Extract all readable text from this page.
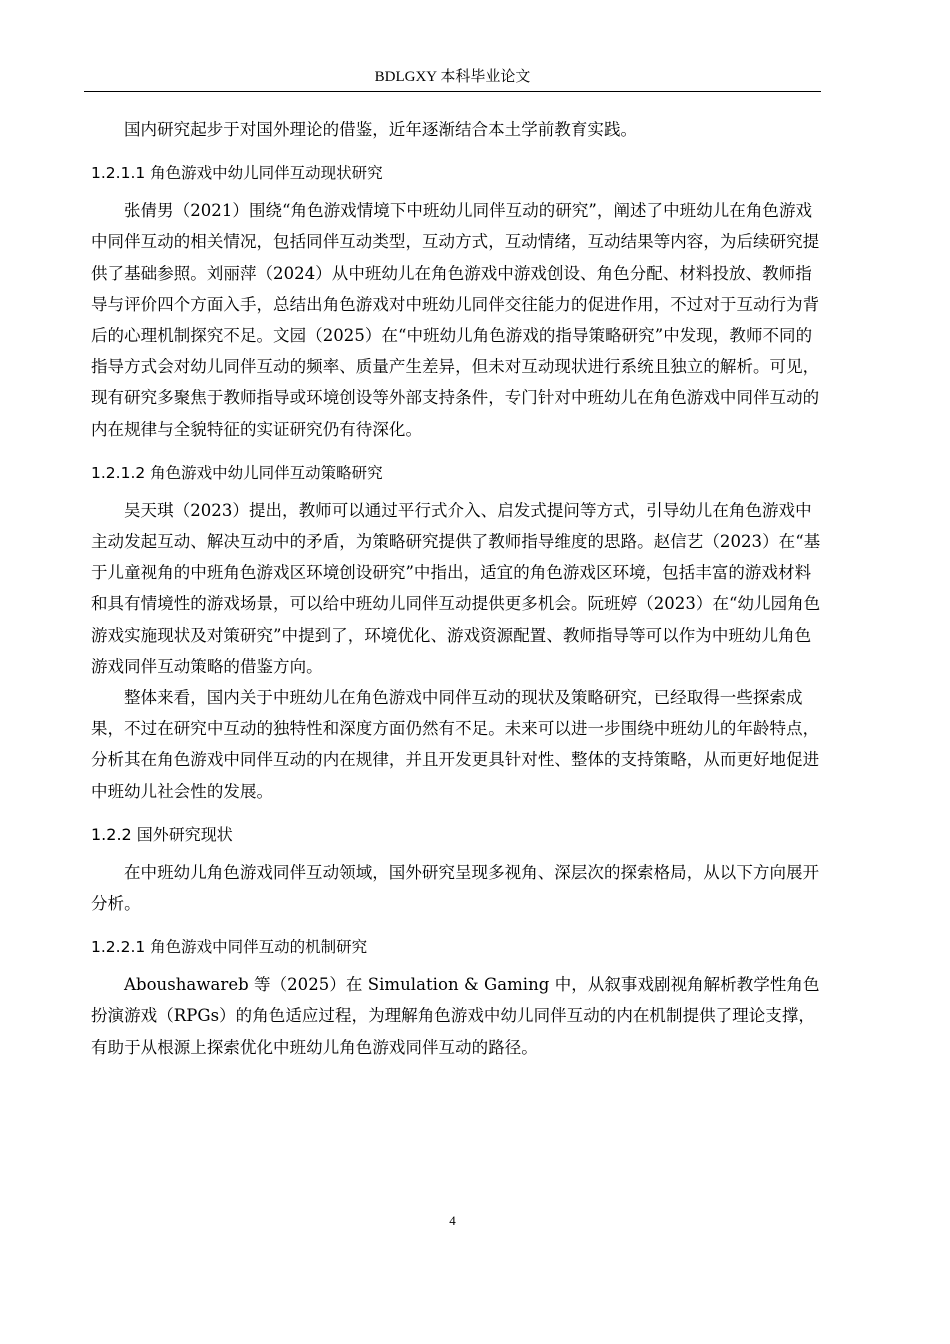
BDLGXY 本科毕业论文

国内研究起步于对国外理论的借鉴，近年逐渐结合本土学前教育实践。

1.2.1.1 角色游戏中幼儿同伴互动现状研究

张倩男（2021）围绕“角色游戏情境下中班幼儿同伴互动的研究”，阐述了中班幼儿在角色游戏中同伴互动的相关情况，包括同伴互动类型，互动方式，互动情绪，互动结果等内容，为后续研究提供了基础参照。刘丽萍（2024）从中班幼儿在角色游戏中游戏创设、角色分配、材料投放、教师指导与评价四个方面入手，总结出角色游戏对中班幼儿同伴交往能力的促进作用，不过对于互动行为背后的心理机制探究不足。文园（2025）在“中班幼儿角色游戏的指导策略研究”中发现，教师不同的指导方式会对幼儿同伴互动的频率、质量产生差异，但未对互动现状进行系统且独立的解析。可见，现有研究多聚焦于教师指导或环境创设等外部支持条件，专门针对中班幼儿在角色游戏中同伴互动的内在规律与全貌特征的实证研究仍有待深化。

1.2.1.2 角色游戏中幼儿同伴互动策略研究

吴天琪（2023）提出，教师可以通过平行式介入、启发式提问等方式，引导幼儿在角色游戏中主动发起互动、解决互动中的矛盾，为策略研究提供了教师指导维度的思路。赵信艺（2023）在“基于儿童视角的中班角色游戏区环境创设研究”中指出，适宜的角色游戏区环境，包括丰富的游戏材料和具有情境性的游戏场景，可以给中班幼儿同伴互动提供更多机会。阮班婷（2023）在“幼儿园角色游戏实施现状及对策研究”中提到了，环境优化、游戏资源配置、教师指导等可以作为中班幼儿角色游戏同伴互动策略的借鉴方向。

整体来看，国内关于中班幼儿在角色游戏中同伴互动的现状及策略研究，已经取得一些探索成果，不过在研究中互动的独特性和深度方面仍然有不足。未来可以进一步围绕中班幼儿的年龄特点，分析其在角色游戏中同伴互动的内在规律，并且开发更具针对性、整体的支持策略，从而更好地促进中班幼儿社会性的发展。

1.2.2 国外研究现状

在中班幼儿角色游戏同伴互动领域，国外研究呈现多视角、深层次的探索格局，从以下方向展开分析。

1.2.2.1 角色游戏中同伴互动的机制研究

Aboushawareb 等（2025）在 Simulation & Gaming 中，从叙事戏剧视角解析教学性角色扮演游戏（RPGs）的角色适应过程，为理解角色游戏中幼儿同伴互动的内在机制提供了理论支撑，有助于从根源上探索优化中班幼儿角色游戏同伴互动的路径。

4
